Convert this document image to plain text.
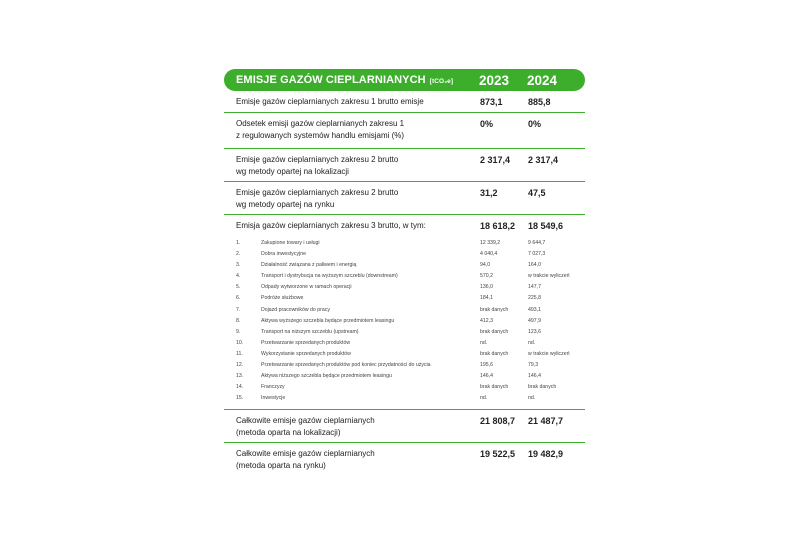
EMISJE GAZÓW CIEPLARNIANYCH [tCO₂e]	2023	2024
Emisje gazów cieplarnianych zakresu 1 brutto emisje	873,1	885,8
Odsetek emisji gazów cieplarnianych zakresu 1
z regulowanych systemów handlu emisjami (%)
0%	0%
Emisje gazów cieplarnianych zakresu 2 brutto
wg metody opartej na lokalizacji
2 317,4	2 317,4
Emisje gazów cieplarnianych zakresu 2 brutto
wg metody opartej na rynku
31,2	47,5
Emisja gazów cieplarnianych zakresu 3 brutto, w tym:	18 618,2	18 549,6
1.	Zakupione towary i usługi	12 339,2	9 644,7
2.	Dobra inwestycyjne	4 040,4	7 027,3
3.	Działalność związana z paliwem i energią	94,0	164,0
4.	Transport i dystrybucja na wyższym szczeblu (downstream)	570,2	w trakcie wyliczeń
5.	Odpady wytworzone w ramach operacji	136,0	147,7
6.	Podróże służbowe	184,1	225,8
7.	Dojazd pracowników do pracy	brak danych	493,1
8.	Aktywa wyższego szczebla będące przedmiotem leasingu	412,3	497,9
9.	Transport na niższym szczeblu (upstream)	brak danych	123,6
10.	Przetwarzanie sprzedanych produktów	nd.	nd.
11.	Wykorzystanie sprzedanych produktów	brak danych	w trakcie wyliczeń
12.	Przetwarzanie sprzedanych produktów pod koniec przydatności do użycia	195,6	79,3
13.	Aktywa niższego szczebla będące przedmiotem leasingu	146,4	146,4
14.	Franczyzy	brak danych	brak danych
15.	Inwestycje	nd.	nd.
Całkowite emisje gazów cieplarnianych
(metoda oparta na lokalizacji)
21 808,7	21 487,7
Całkowite emisje gazów cieplarnianych
(metoda oparta na rynku)
19 522,5	19 482,9
